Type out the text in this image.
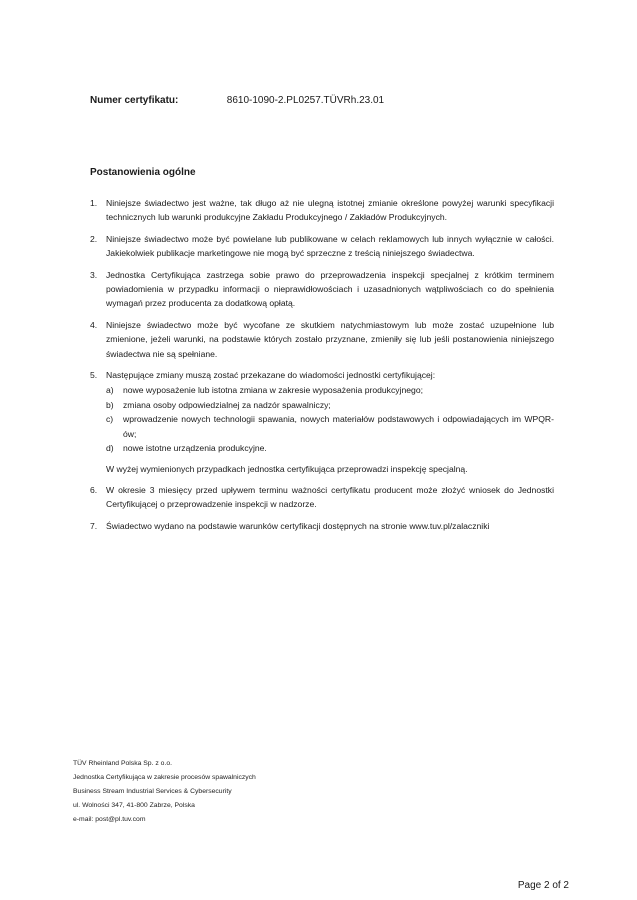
Numer certyfikatu:	8610-1090-2.PL0257.TÜVRh.23.01
Postanowienia ogólne
1. Niniejsze świadectwo jest ważne, tak długo aż nie ulegną istotnej zmianie określone powyżej warunki specyfikacji technicznych lub warunki produkcyjne Zakładu Produkcyjnego / Zakładów Produkcyjnych.
2. Niniejsze świadectwo może być powielane lub publikowane w celach reklamowych lub innych wyłącznie w całości. Jakiekolwiek publikacje marketingowe nie mogą być sprzeczne z treścią niniejszego świadectwa.
3. Jednostka Certyfikująca zastrzega sobie prawo do przeprowadzenia inspekcji specjalnej z krótkim terminem powiadomienia w przypadku informacji o nieprawidłowościach i uzasadnionych wątpliwościach co do spełnienia wymagań przez producenta za dodatkową opłatą.
4. Niniejsze świadectwo może być wycofane ze skutkiem natychmiastowym lub może zostać uzupełnione lub zmienione, jeżeli warunki, na podstawie których zostało przyznane, zmieniły się lub jeśli postanowienia niniejszego świadectwa nie są spełniane.
5. Następujące zmiany muszą zostać przekazane do wiadomości jednostki certyfikującej:
a) nowe wyposażenie lub istotna zmiana w zakresie wyposażenia produkcyjnego;
b) zmiana osoby odpowiedzialnej za nadzór spawalniczy;
c) wprowadzenie nowych technologii spawania, nowych materiałów podstawowych i odpowiadających im WPQR-ów;
d) nowe istotne urządzenia produkcyjne.
W wyżej wymienionych przypadkach jednostka certyfikująca przeprowadzi inspekcję specjalną.
6. W okresie 3 miesięcy przed upływem terminu ważności certyfikatu producent może złożyć wniosek do Jednostki Certyfikującej o przeprowadzenie inspekcji w nadzorze.
7. Świadectwo wydano na podstawie warunków certyfikacji dostępnych na stronie www.tuv.pl/zalaczniki
TÜV Rheinland Polska Sp. z o.o.
Jednostka Certyfikująca w zakresie procesów spawalniczych
Business Stream Industrial Services & Cybersecurity
ul. Wolności 347, 41-800 Zabrze, Polska
e-mail: post@pl.tuv.com
Page 2 of 2
